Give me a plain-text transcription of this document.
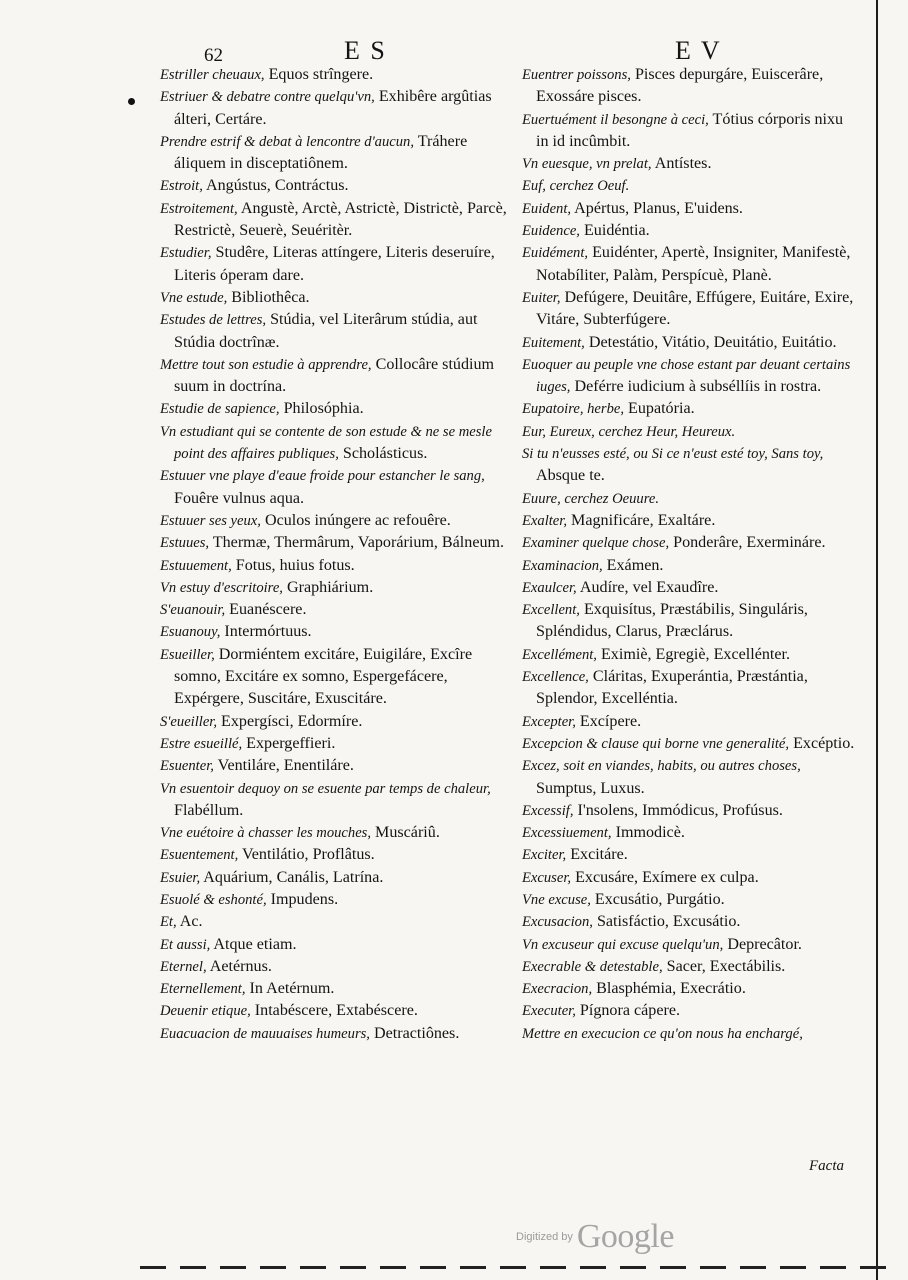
62	E S	E V
Estriller cheuaux, Equos strîngere.
Estriuer & debatre contre quelqu'vn, Exhibêre argûtias álteri, Certáre.
Prendre estrif & debat à lencontre d'aucun, Tráhere áliquem in disceptatiônem.
Estroit, Angústus, Contráctus.
Estroitement, Angustè, Arctè, Astrictè, Districtè, Parcè, Restrictè, Seuerè, Seuéritèr.
Estudier, Studêre, Literas attíngere, Literis deseruíre, Literis óperam dare.
Vne estude, Bibliothêca.
Estudes de lettres, Stúdia, vel Literârum stúdia, aut Stúdia doctrînæ.
Mettre tout son estudie à apprendre, Collocâre stúdium suum in doctrína.
Estudie de sapience, Philosóphia.
Vn estudiant qui se contente de son estude & ne se mesle point des affaires publiques, Scholásticus.
Estuuer vne playe d'eaue froide pour estancher le sang, Fouêre vulnus aqua.
Estuuer ses yeux, Oculos inúngere ac refouêre.
Estuues, Thermæ, Thermârum, Vaporárium, Bálneum.
Estuuement, Fotus, huius fotus.
Vn estuy d'escritoire, Graphiárium.
S'euanouir, Euanéscere.
Esuanouy, Intermórtuus.
Esueiller, Dormiéntem excitáre, Euigiláre, Excîre somno, Excitáre ex somno, Espergefácere, Expérgere, Suscitáre, Exuscitáre.
S'eueiller, Expergísci, Edormíre.
Estre esueillé, Expergeffieri.
Esuenter, Ventiláre, Enentiláre.
Vn esuentoir dequoy on se esuente par temps de chaleur, Flabéllum.
Vne euétoire à chasser les mouches, Muscáriû.
Esuentement, Ventilátio, Proflâtus.
Esuier, Aquárium, Canális, Latrína.
Esuolé & eshonté, Impudens.
Et, Ac.
Et aussi, Atque etiam.
Eternel, Aetérnus.
Eternellement, In Aetérnum.
Deuenir etique, Intabéscere, Extabéscere.
Euacuacion de mauuaises humeurs, Detractiônes.
Euentrer poissons, Pisces depurgáre, Euiscerâre, Exossáre pisces.
Euertuément il besongne à ceci, Tótius córporis nixu in id incûmbit.
Vn euesque, vn prelat, Antístes.
Euf, cerchez Oeuf.
Euident, Apértus, Planus, E'uidens.
Euidence, Euidéntia.
Euidément, Euidénter, Apertè, Insigniter, Manifestè, Notabíliter, Palàm, Perspícuè, Planè.
Euiter, Defúgere, Deuitâre, Effúgere, Euitáre, Exire, Vitáre, Subterfúgere.
Euitement, Detestátio, Vitátio, Deuitátio, Euitátio.
Euoquer au peuple vne chose estant par deuant certains iuges, Deférre iudicium à subséllíis in rostra.
Eupatoire, herbe, Eupatória.
Eur, Eureux, cerchez Heur, Heureux.
Si tu n'eusses esté, ou Si ce n'eust esté toy, Sans toy, Absque te.
Euure, cerchez Oeuure.
Exalter, Magnificáre, Exaltáre.
Examiner quelque chose, Ponderâre, Exermináre.
Examinacion, Exámen.
Exaulcer, Audíre, vel Exaudîre.
Excellent, Exquisítus, Præstábilis, Singuláris, Spléndidus, Clarus, Præclárus.
Excellément, Eximiè, Egregiè, Excellénter.
Excellence, Cláritas, Exuperántia, Præstántia, Splendor, Excelléntia.
Excepter, Excípere.
Excepcion & clause qui borne vne generalité, Excéptio.
Excez, soit en viandes, habits, ou autres choses, Sumptus, Luxus.
Excessif, I'nsolens, Immódicus, Profúsus.
Excessiuement, Immodicè.
Exciter, Excitáre.
Excuser, Excusáre, Exímere ex culpa.
Vne excuse, Excusátio, Purgátio.
Excusacion, Satisfáctio, Excusátio.
Vn excuseur qui excuse quelqu'un, Deprecâtor.
Execrable & detestable, Sacer, Exectábilis.
Execracion, Blasphémia, Execrátio.
Executer, Pígnora cápere.
Mettre en execucion ce qu'on nous ha enchargé,
Facta
Digitized by Google
